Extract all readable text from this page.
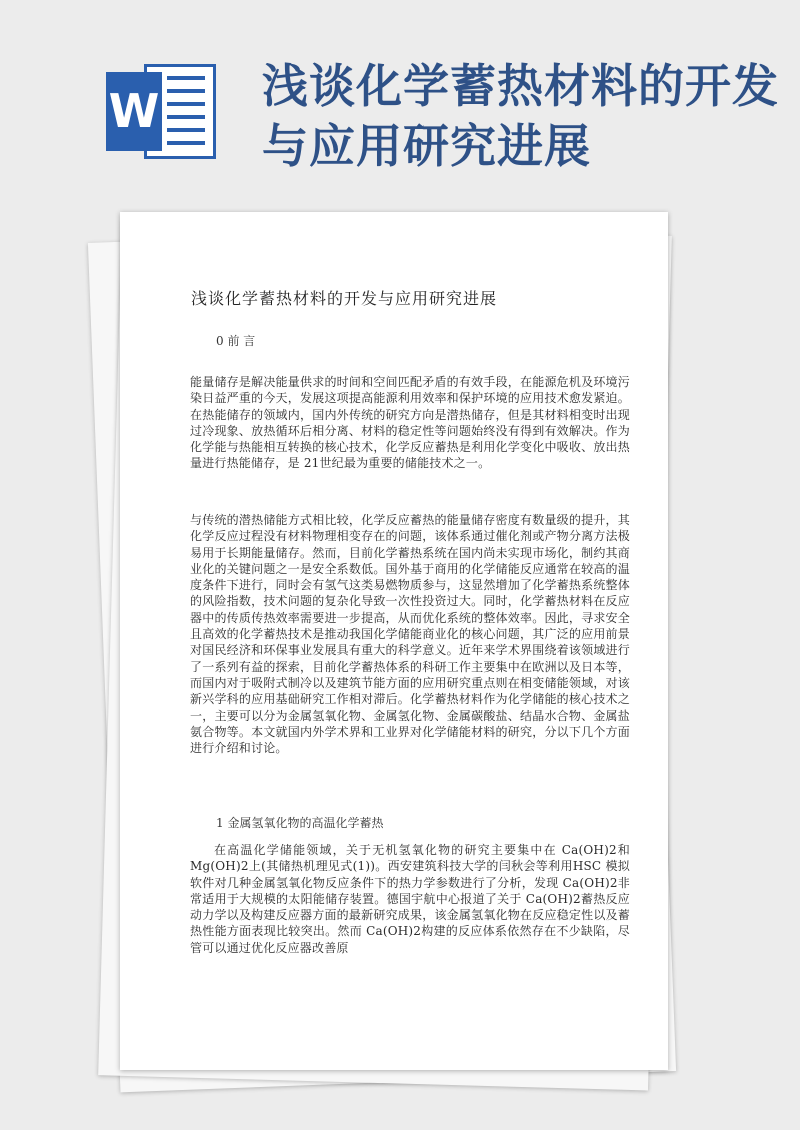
W 浅谈化学蓄热材料的开发与应用研究进展
浅谈化学蓄热材料的开发与应用研究进展
0 前 言

能量储存是解决能量供求的时间和空间匹配矛盾的有效手段，在能源危机及环境污染日益严重的今天，发展这项提高能源利用效率和保护环境的应用技术愈发紧迫。在热能储存的领域内，国内外传统的研究方向是潜热储存，但是其材料相变时出现过冷现象、放热循环后相分离、材料的稳定性等问题始终没有得到有效解决。作为化学能与热能相互转换的核心技术，化学反应蓄热是利用化学变化中吸收、放出热量进行热能储存，是 21世纪最为重要的储能技术之一。

与传统的潜热储能方式相比较，化学反应蓄热的能量储存密度有数量级的提升，其化学反应过程没有材料物理相变存在的问题，该体系通过催化剂或产物分离方法极易用于长期能量储存。然而，目前化学蓄热系统在国内尚未实现市场化，制约其商业化的关键问题之一是安全系数低。国外基于商用的化学储能反应通常在较高的温度条件下进行，同时会有氢气这类易燃物质参与，这显然增加了化学蓄热系统整体的风险指数，技术问题的复杂化导致一次性投资过大。同时，化学蓄热材料在反应器中的传质传热效率需要进一步提高，从而优化系统的整体效率。因此，寻求安全且高效的化学蓄热技术是推动我国化学储能商业化的核心问题，其广泛的应用前景对国民经济和环保事业发展具有重大的科学意义。近年来学术界围绕着该领域进行了一系列有益的探索，目前化学蓄热体系的科研工作主要集中在欧洲以及日本等，而国内对于吸附式制冷以及建筑节能方面的应用研究重点则在相变储能领域，对该新兴学科的应用基础研究工作相对滞后。化学蓄热材料作为化学储能的核心技术之一，主要可以分为金属氢氧化物、金属氢化物、金属碳酸盐、结晶水合物、金属盐氨合物等。本文就国内外学术界和工业界对化学储能材料的研究，分以下几个方面进行介绍和讨论。

1 金属氢氧化物的高温化学蓄热

在高温化学储能领域，关于无机氢氧化物的研究主要集中在 Ca(OH)2和 Mg(OH)2上(其储热机理见式(1))。西安建筑科技大学的闫秋会等利用HSC 模拟软件对几种金属氢氧化物反应条件下的热力学参数进行了分析，发现 Ca(OH)2非常适用于大规模的太阳能储存装置。德国宇航中心报道了关于 Ca(OH)2蓄热反应动力学以及构建反应器方面的最新研究成果，该金属氢氧化物在反应稳定性以及蓄热性能方面表现比较突出。然而 Ca(OH)2构建的反应体系依然存在不少缺陷，尽管可以通过优化反应器改善原
